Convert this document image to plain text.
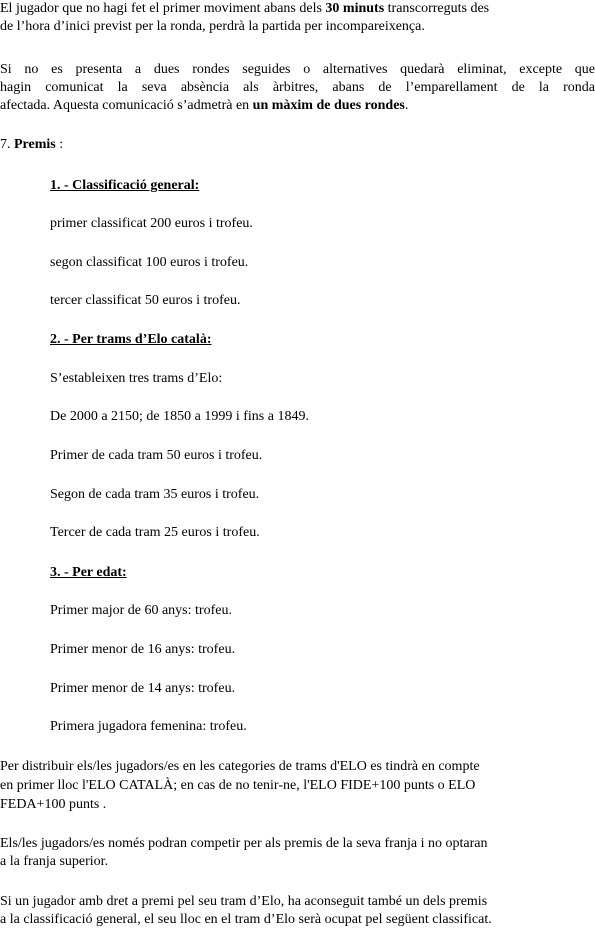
El jugador que no hagi fet el primer moviment abans dels 30 minuts transcorreguts des
de l’hora d’inici previst per la ronda, perdrà la partida per incompareixença.
Si no es presenta a dues rondes seguides o alternatives quedarà eliminat, excepte que
hagin comunicat la seva absència als àrbitres, abans de l’emparellament de la ronda
afectada. Aquesta comunicació s’admetrà en un màxim de dues rondes.
7. Premis :
1. - Classificació general:
primer classificat 200 euros i trofeu.
segon classificat 100 euros i trofeu.
tercer classificat 50 euros i trofeu.
2. - Per trams d’Elo català:
S’estableixen tres trams d’Elo:
De 2000 a 2150; de 1850 a 1999 i fins a 1849.
Primer de cada tram 50 euros i trofeu.
Segon de cada tram 35 euros i trofeu.
Tercer de cada tram 25 euros i trofeu.
3. - Per edat:
Primer major de 60 anys: trofeu.
Primer menor de 16 anys: trofeu.
Primer menor de 14 anys: trofeu.
Primera jugadora femenina: trofeu.
Per distribuir els/les jugadors/es en les categories de trams d'ELO es tindrà en compte
en primer lloc l'ELO CATALÀ; en cas de no tenir-ne, l'ELO FIDE+100 punts o ELO
FEDA+100 punts .
Els/les jugadors/es només podran competir per als premis de la seva franja i no optaran
a la franja superior.
Si un jugador amb dret a premi pel seu tram d’Elo, ha aconseguit també un dels premis
a la classificació general, el seu lloc en el tram d’Elo serà ocupat pel següent classificat.
